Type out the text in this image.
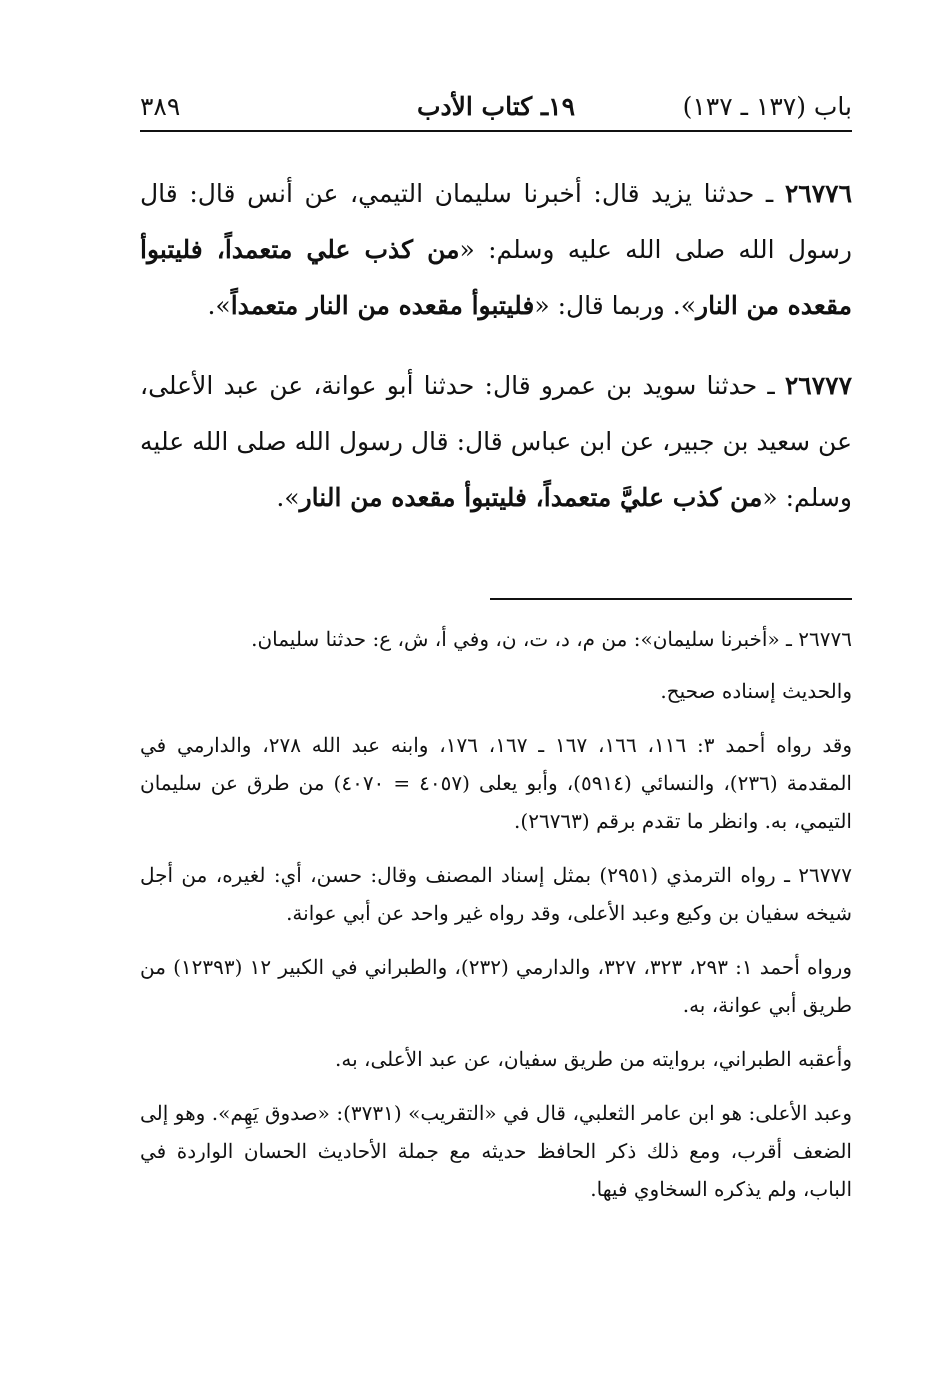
باب (١٣٧ ـ ١٣٧)
١٩ـ كتاب الأدب
٣٨٩

٢٦٧٧٦ ـ حدثنا يزيد قال: أخبرنا سليمان التيمي، عن أنس قال: قال رسول الله صلى الله عليه وسلم: «من كذب علي متعمداً، فليتبوأ مقعده من النار». وربما قال: «فليتبوأ مقعده من النار متعمداً».

٢٦٧٧٧ ـ حدثنا سويد بن عمرو قال: حدثنا أبو عوانة، عن عبد الأعلى، عن سعيد بن جبير، عن ابن عباس قال: قال رسول الله صلى الله عليه وسلم: «من كذب عليَّ متعمداً، فليتبوأ مقعده من النار».

٢٦٧٧٦ ـ «أخبرنا سليمان»: من م، د، ت، ن، وفي أ، ش، ع: حدثنا سليمان.

والحديث إسناده صحيح.

وقد رواه أحمد ٣: ١١٦، ١٦٦، ١٦٧ ـ ١٦٧، ١٧٦، وابنه عبد الله ٢٧٨، والدارمي في المقدمة (٢٣٦)، والنسائي (٥٩١٤)، وأبو يعلى (٤٠٥٧ = ٤٠٧٠) من طرق عن سليمان التيمي، به. وانظر ما تقدم برقم (٢٦٧٦٣).

٢٦٧٧٧ ـ رواه الترمذي (٢٩٥١) بمثل إسناد المصنف وقال: حسن، أي: لغيره، من أجل شيخه سفيان بن وكيع وعبد الأعلى، وقد رواه غير واحد عن أبي عوانة.

ورواه أحمد ١: ٢٩٣، ٣٢٣، ٣٢٧، والدارمي (٢٣٢)، والطبراني في الكبير ١٢ (١٢٣٩٣) من طريق أبي عوانة، به.

وأعقبه الطبراني، بروايته من طريق سفيان، عن عبد الأعلى، به.

وعبد الأعلى: هو ابن عامر الثعلبي، قال في «التقريب» (٣٧٣١): «صدوق يَهِم». وهو إلى الضعف أقرب، ومع ذلك ذكر الحافظ حديثه مع جملة الأحاديث الحسان الواردة في الباب، ولم يذكره السخاوي فيها.
